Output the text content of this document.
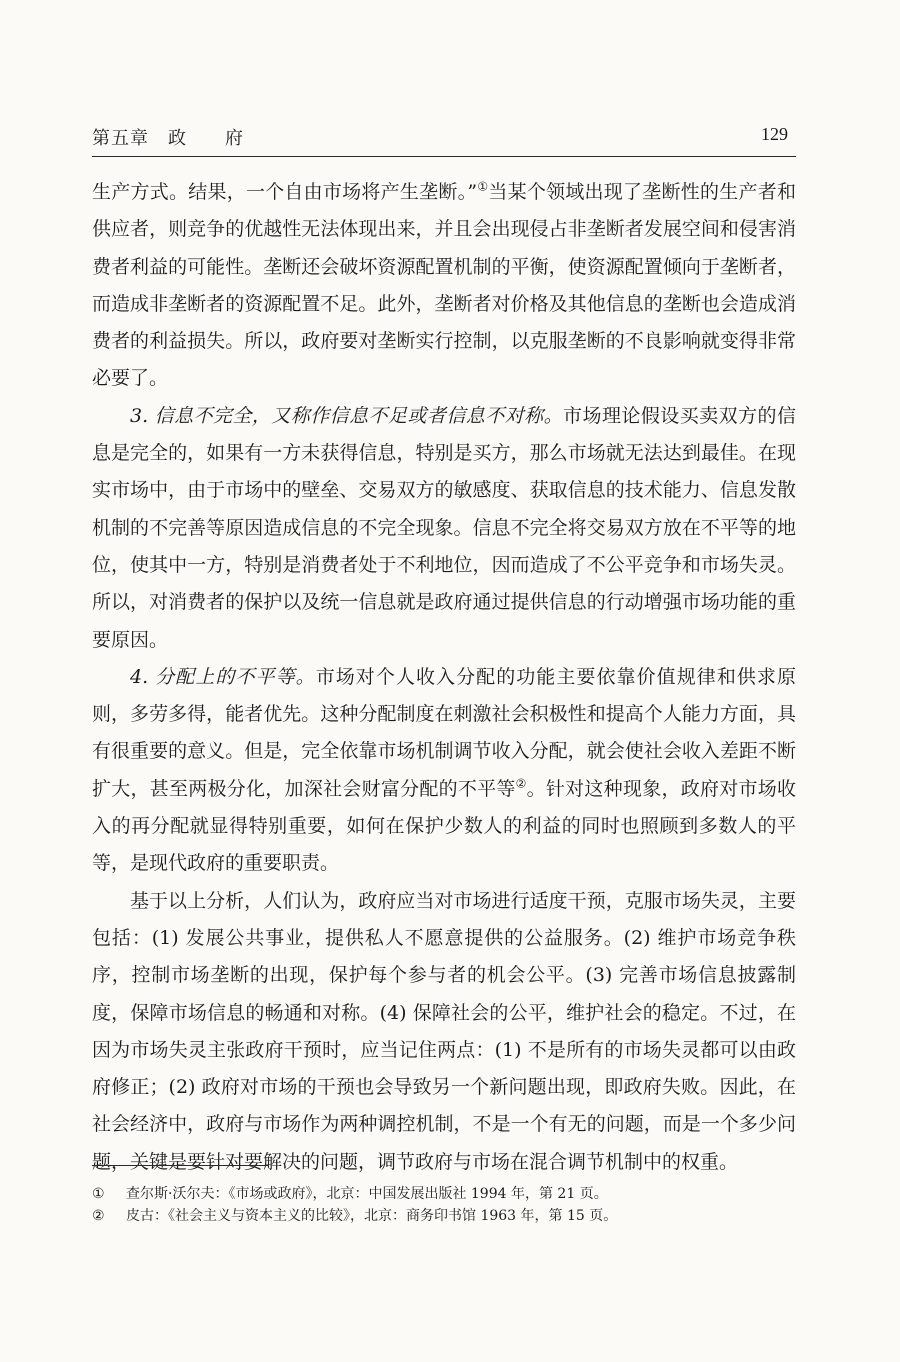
第五章　政　　府	129

生产方式。结果，一个自由市场将产生垄断。”①当某个领域出现了垄断性的生产者和供应者，则竞争的优越性无法体现出来，并且会出现侵占非垄断者发展空间和侵害消费者利益的可能性。垄断还会破坏资源配置机制的平衡，使资源配置倾向于垄断者，而造成非垄断者的资源配置不足。此外，垄断者对价格及其他信息的垄断也会造成消费者的利益损失。所以，政府要对垄断实行控制，以克服垄断的不良影响就变得非常必要了。

3. 信息不完全，又称作信息不足或者信息不对称。市场理论假设买卖双方的信息是完全的，如果有一方未获得信息，特别是买方，那么市场就无法达到最佳。在现实市场中，由于市场中的壁垒、交易双方的敏感度、获取信息的技术能力、信息发散机制的不完善等原因造成信息的不完全现象。信息不完全将交易双方放在不平等的地位，使其中一方，特别是消费者处于不利地位，因而造成了不公平竞争和市场失灵。所以，对消费者的保护以及统一信息就是政府通过提供信息的行动增强市场功能的重要原因。

4. 分配上的不平等。市场对个人收入分配的功能主要依靠价值规律和供求原则，多劳多得，能者优先。这种分配制度在刺激社会积极性和提高个人能力方面，具有很重要的意义。但是，完全依靠市场机制调节收入分配，就会使社会收入差距不断扩大，甚至两极分化，加深社会财富分配的不平等②。针对这种现象，政府对市场收入的再分配就显得特别重要，如何在保护少数人的利益的同时也照顾到多数人的平等，是现代政府的重要职责。

基于以上分析，人们认为，政府应当对市场进行适度干预，克服市场失灵，主要包括：(1) 发展公共事业，提供私人不愿意提供的公益服务。(2) 维护市场竞争秩序，控制市场垄断的出现，保护每个参与者的机会公平。(3) 完善市场信息披露制度，保障市场信息的畅通和对称。(4) 保障社会的公平，维护社会的稳定。不过，在因为市场失灵主张政府干预时，应当记住两点：(1) 不是所有的市场失灵都可以由政府修正；(2) 政府对市场的干预也会导致另一个新问题出现，即政府失败。因此，在社会经济中，政府与市场作为两种调控机制，不是一个有无的问题，而是一个多少问题，关键是要针对要解决的问题，调节政府与市场在混合调节机制中的权重。

① 查尔斯·沃尔夫：《市场或政府》，北京：中国发展出版社 1994 年，第 21 页。
② 皮古：《社会主义与资本主义的比较》，北京：商务印书馆 1963 年，第 15 页。
